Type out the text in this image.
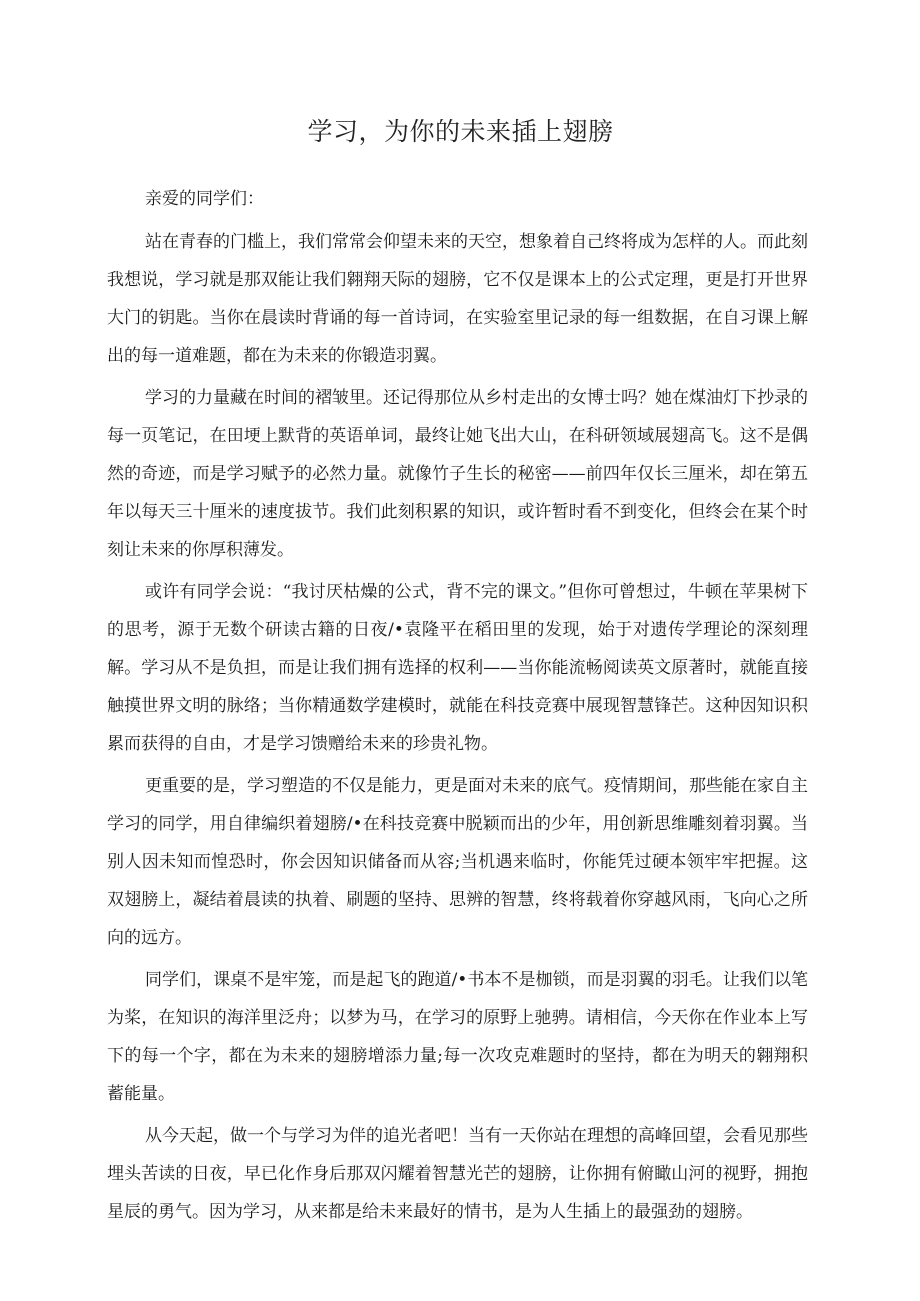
学习，为你的未来插上翅膀

亲爱的同学们：

站在青春的门槛上，我们常常会仰望未来的天空，想象着自己终将成为怎样的人。而此刻我想说，学习就是那双能让我们翱翔天际的翅膀，它不仅是课本上的公式定理，更是打开世界大门的钥匙。当你在晨读时背诵的每一首诗词，在实验室里记录的每一组数据，在自习课上解出的每一道难题，都在为未来的你锻造羽翼。

学习的力量藏在时间的褶皱里。还记得那位从乡村走出的女博士吗？她在煤油灯下抄录的每一页笔记，在田埂上默背的英语单词，最终让她飞出大山，在科研领域展翅高飞。这不是偶然的奇迹，而是学习赋予的必然力量。就像竹子生长的秘密——前四年仅长三厘米，却在第五年以每天三十厘米的速度拔节。我们此刻积累的知识，或许暂时看不到变化，但终会在某个时刻让未来的你厚积薄发。

或许有同学会说：“我讨厌枯燥的公式，背不完的课文。”但你可曾想过，牛顿在苹果树下的思考，源于无数个研读古籍的日夜/•袁隆平在稻田里的发现，始于对遗传学理论的深刻理解。学习从不是负担，而是让我们拥有选择的权利——当你能流畅阅读英文原著时，就能直接触摸世界文明的脉络；当你精通数学建模时，就能在科技竞赛中展现智慧锋芒。这种因知识积累而获得的自由，才是学习馈赠给未来的珍贵礼物。

更重要的是，学习塑造的不仅是能力，更是面对未来的底气。疫情期间，那些能在家自主学习的同学，用自律编织着翅膀/•在科技竞赛中脱颖而出的少年，用创新思维雕刻着羽翼。当别人因未知而惶恐时，你会因知识储备而从容;当机遇来临时，你能凭过硬本领牢牢把握。这双翅膀上，凝结着晨读的执着、刷题的坚持、思辨的智慧，终将载着你穿越风雨，飞向心之所向的远方。

同学们，课桌不是牢笼，而是起飞的跑道/•书本不是枷锁，而是羽翼的羽毛。让我们以笔为桨，在知识的海洋里泛舟；以梦为马，在学习的原野上驰骋。请相信，今天你在作业本上写下的每一个字，都在为未来的翅膀增添力量;每一次攻克难题时的坚持，都在为明天的翱翔积蓄能量。

从今天起，做一个与学习为伴的追光者吧！当有一天你站在理想的高峰回望，会看见那些埋头苦读的日夜，早已化作身后那双闪耀着智慧光芒的翅膀，让你拥有俯瞰山河的视野，拥抱星辰的勇气。因为学习，从来都是给未来最好的情书，是为人生插上的最强劲的翅膀。
